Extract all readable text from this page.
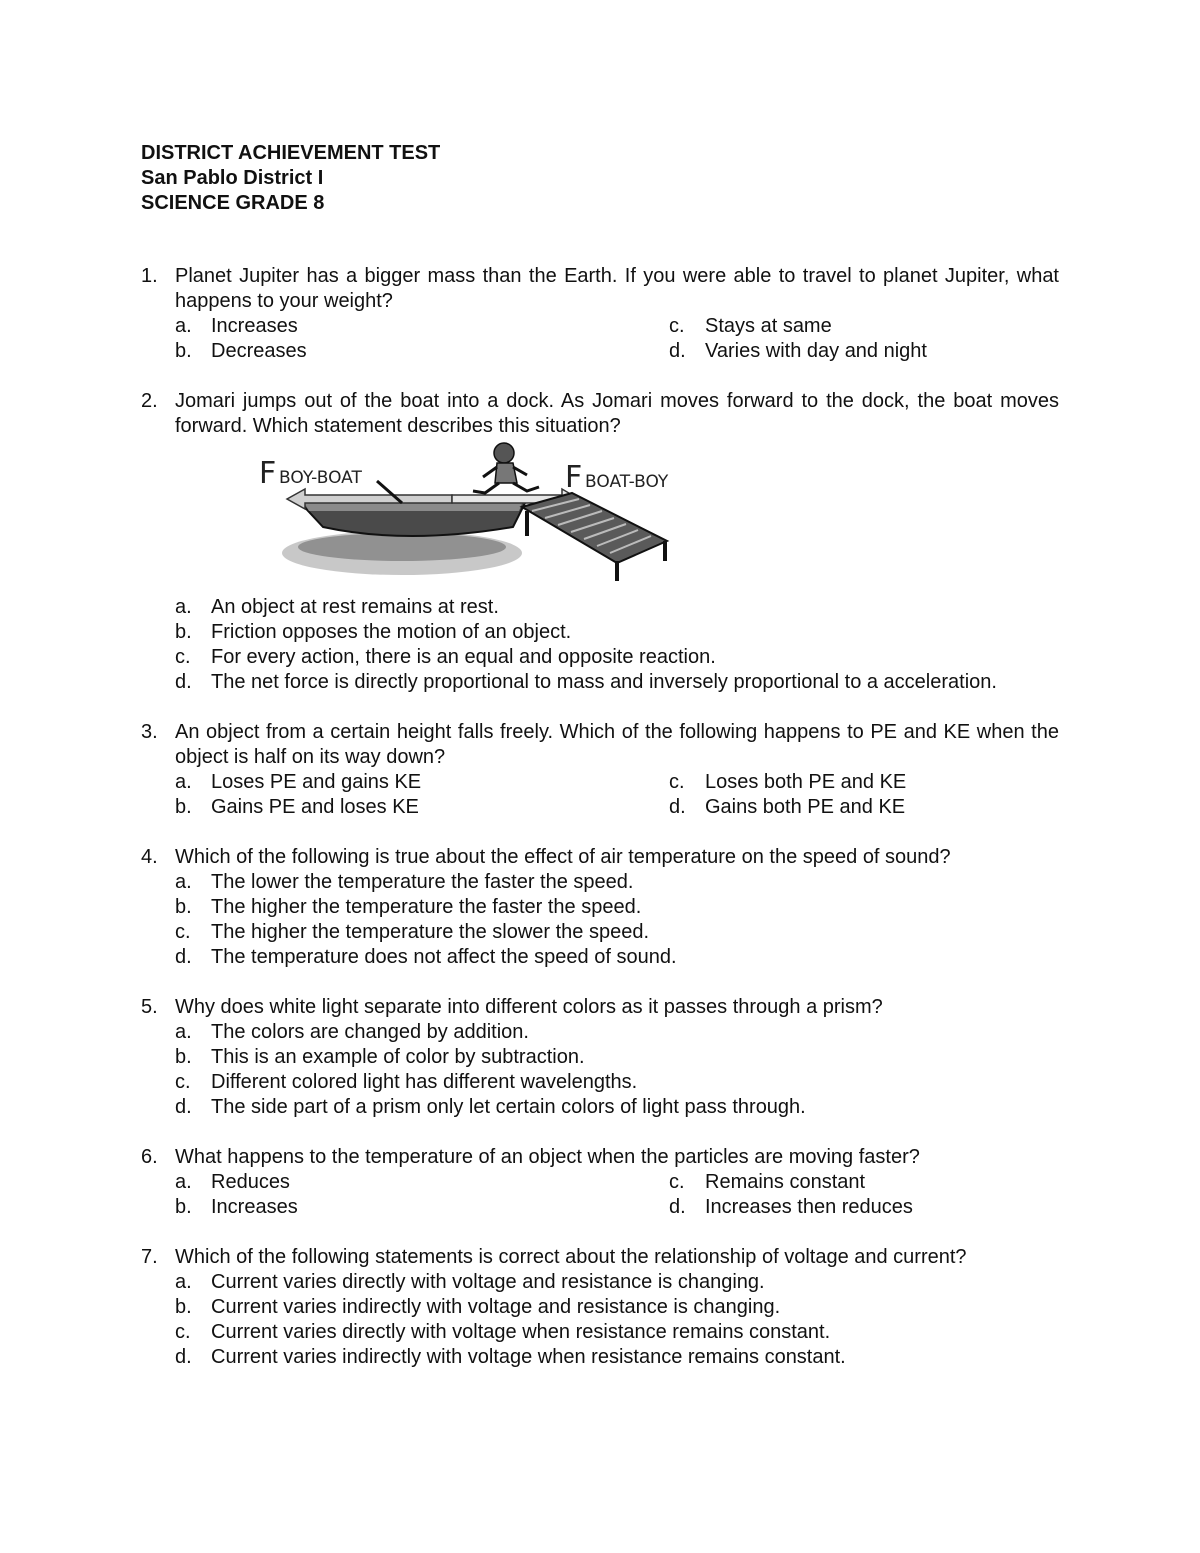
DISTRICT ACHIEVEMENT TEST
San Pablo District I
SCIENCE GRADE 8
1. Planet Jupiter has a bigger mass than the Earth. If you were able to travel to planet Jupiter, what happens to your weight?
a. Increases	c.	Stays at same
b. Decreases	d. Varies with day and night
2. Jomari jumps out of the boat into a dock. As Jomari moves forward to the dock, the boat moves forward. Which statement describes this situation?
F BOY-BOAT	F BOAT-BOY
a. An object at rest remains at rest.
b. Friction opposes the motion of an object.
c.	For every action, there is an equal and opposite reaction.
d. The net force is directly proportional to mass and inversely proportional to a acceleration.
3. An object from a certain height falls freely. Which of the following happens to PE and KE when the object is half on its way down?
a. Loses PE and gains KE	c.	Loses both PE and KE
b. Gains PE and loses KE	d. Gains both PE and KE
4. Which of the following is true about the effect of air temperature on the speed of sound?
a. The lower the temperature the faster the speed.
b. The higher the temperature the faster the speed.
c.	The higher the temperature the slower the speed.
d. The temperature does not affect the speed of sound.
5. Why does white light separate into different colors as it passes through a prism?
a. The colors are changed by addition.
b. This is an example of color by subtraction.
c.	Different colored light has different wavelengths.
d. The side part of a prism only let certain colors of light pass through.
6. What happens to the temperature of an object when the particles are moving faster?
a. Reduces	c.	Remains constant
b. Increases	d. Increases then reduces
7. Which of the following statements is correct about the relationship of voltage and current?
a. Current varies directly with voltage and resistance is changing.
b. Current varies indirectly with voltage and resistance is changing.
c.	Current varies directly with voltage when resistance remains constant.
d. Current varies indirectly with voltage when resistance remains constant.
